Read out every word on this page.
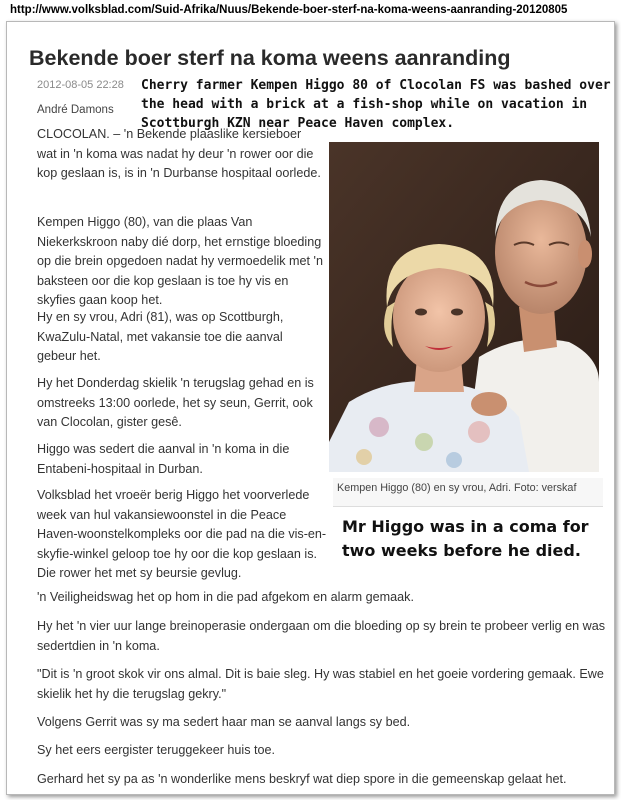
http://www.volksblad.com/Suid-Afrika/Nuus/Bekende-boer-sterf-na-koma-weens-aanranding-20120805
Bekende boer sterf na koma weens aanranding
2012-08-05 22:28
André Damons
Cherry farmer Kempen Higgo 80 of Clocolan FS was bashed over the head with a brick at a fish-shop while on vacation in Scottburgh KZN near Peace Haven complex.

CLOCOLAN. – 'n Bekende plaaslike kersieboer wat in 'n koma was nadat hy deur 'n rower oor die kop geslaan is, is in 'n Durbanse hospitaal oorlede.

Kempen Higgo (80), van die plaas Van Niekerkskroon naby dié dorp, het ernstige bloeding op die brein opgedoen nadat hy vermoedelik met 'n baksteen oor die kop geslaan is toe hy vis en skyfies gaan koop het.

Hy en sy vrou, Adri (81), was op Scottburgh, KwaZulu-Natal, met vakansie toe die aanval gebeur het.

Hy het Donderdag skielik 'n terugslag gehad en is omstreeks 13:00 oorlede, het sy seun, Gerrit, ook van Clocolan, gister gesê.

Higgo was sedert die aanval in 'n koma in die Entabeni-hospitaal in Durban.

Volksblad het vroeër berig Higgo het voorverlede week van hul vakansiewoonstel in die Peace Haven-woonstelkompleks oor die pad na die vis-en-skyfie-winkel geloop toe hy oor die kop geslaan is. Die rower het met sy beursie gevlug.

'n Veiligheidswag het op hom in die pad afgekom en alarm gemaak.

Hy het 'n vier uur lange breinoperasie ondergaan om die bloeding op sy brein te probeer verlig en was sedertdien in 'n koma.

"Dit is 'n groot skok vir ons almal. Dit is baie sleg. Hy was stabiel en het goeie vordering gemaak. Ewe skielik het hy die terugslag gekry."

Volgens Gerrit was sy ma sedert haar man se aanval langs sy bed.

Sy het eers eergister teruggekeer huis toe.

Gerhard het sy pa as 'n wonderlike mens beskryf wat diep spore in die gemeenskap gelaat het.

Kempen Higgo (80) en sy vrou, Adri. Foto: verskaf
Mr Higgo was in a coma for two weeks before he died.
